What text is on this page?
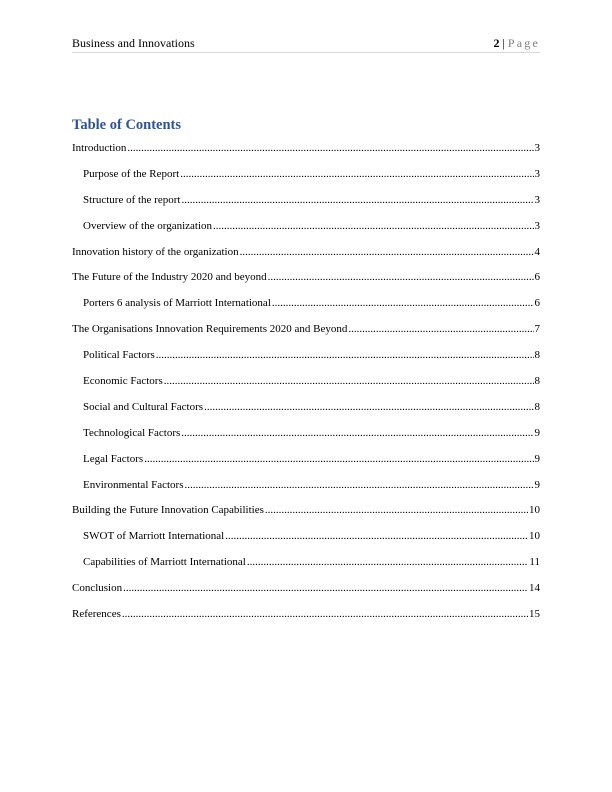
Business and Innovations	2 | Page
Table of Contents
Introduction .....	3
Purpose of the Report .....	3
Structure of the report .....	3
Overview of the organization .....	3
Innovation history of the organization .....	4
The Future of the Industry 2020 and beyond .....	6
Porters 6 analysis of Marriott International .....	6
The Organisations Innovation Requirements 2020 and Beyond .....	7
Political Factors .....	8
Economic Factors .....	8
Social and Cultural Factors .....	8
Technological Factors .....	9
Legal Factors .....	9
Environmental Factors .....	9
Building the Future Innovation Capabilities .....	10
SWOT of Marriott International .....	10
Capabilities of Marriott International .....	11
Conclusion .....	14
References .....	15
